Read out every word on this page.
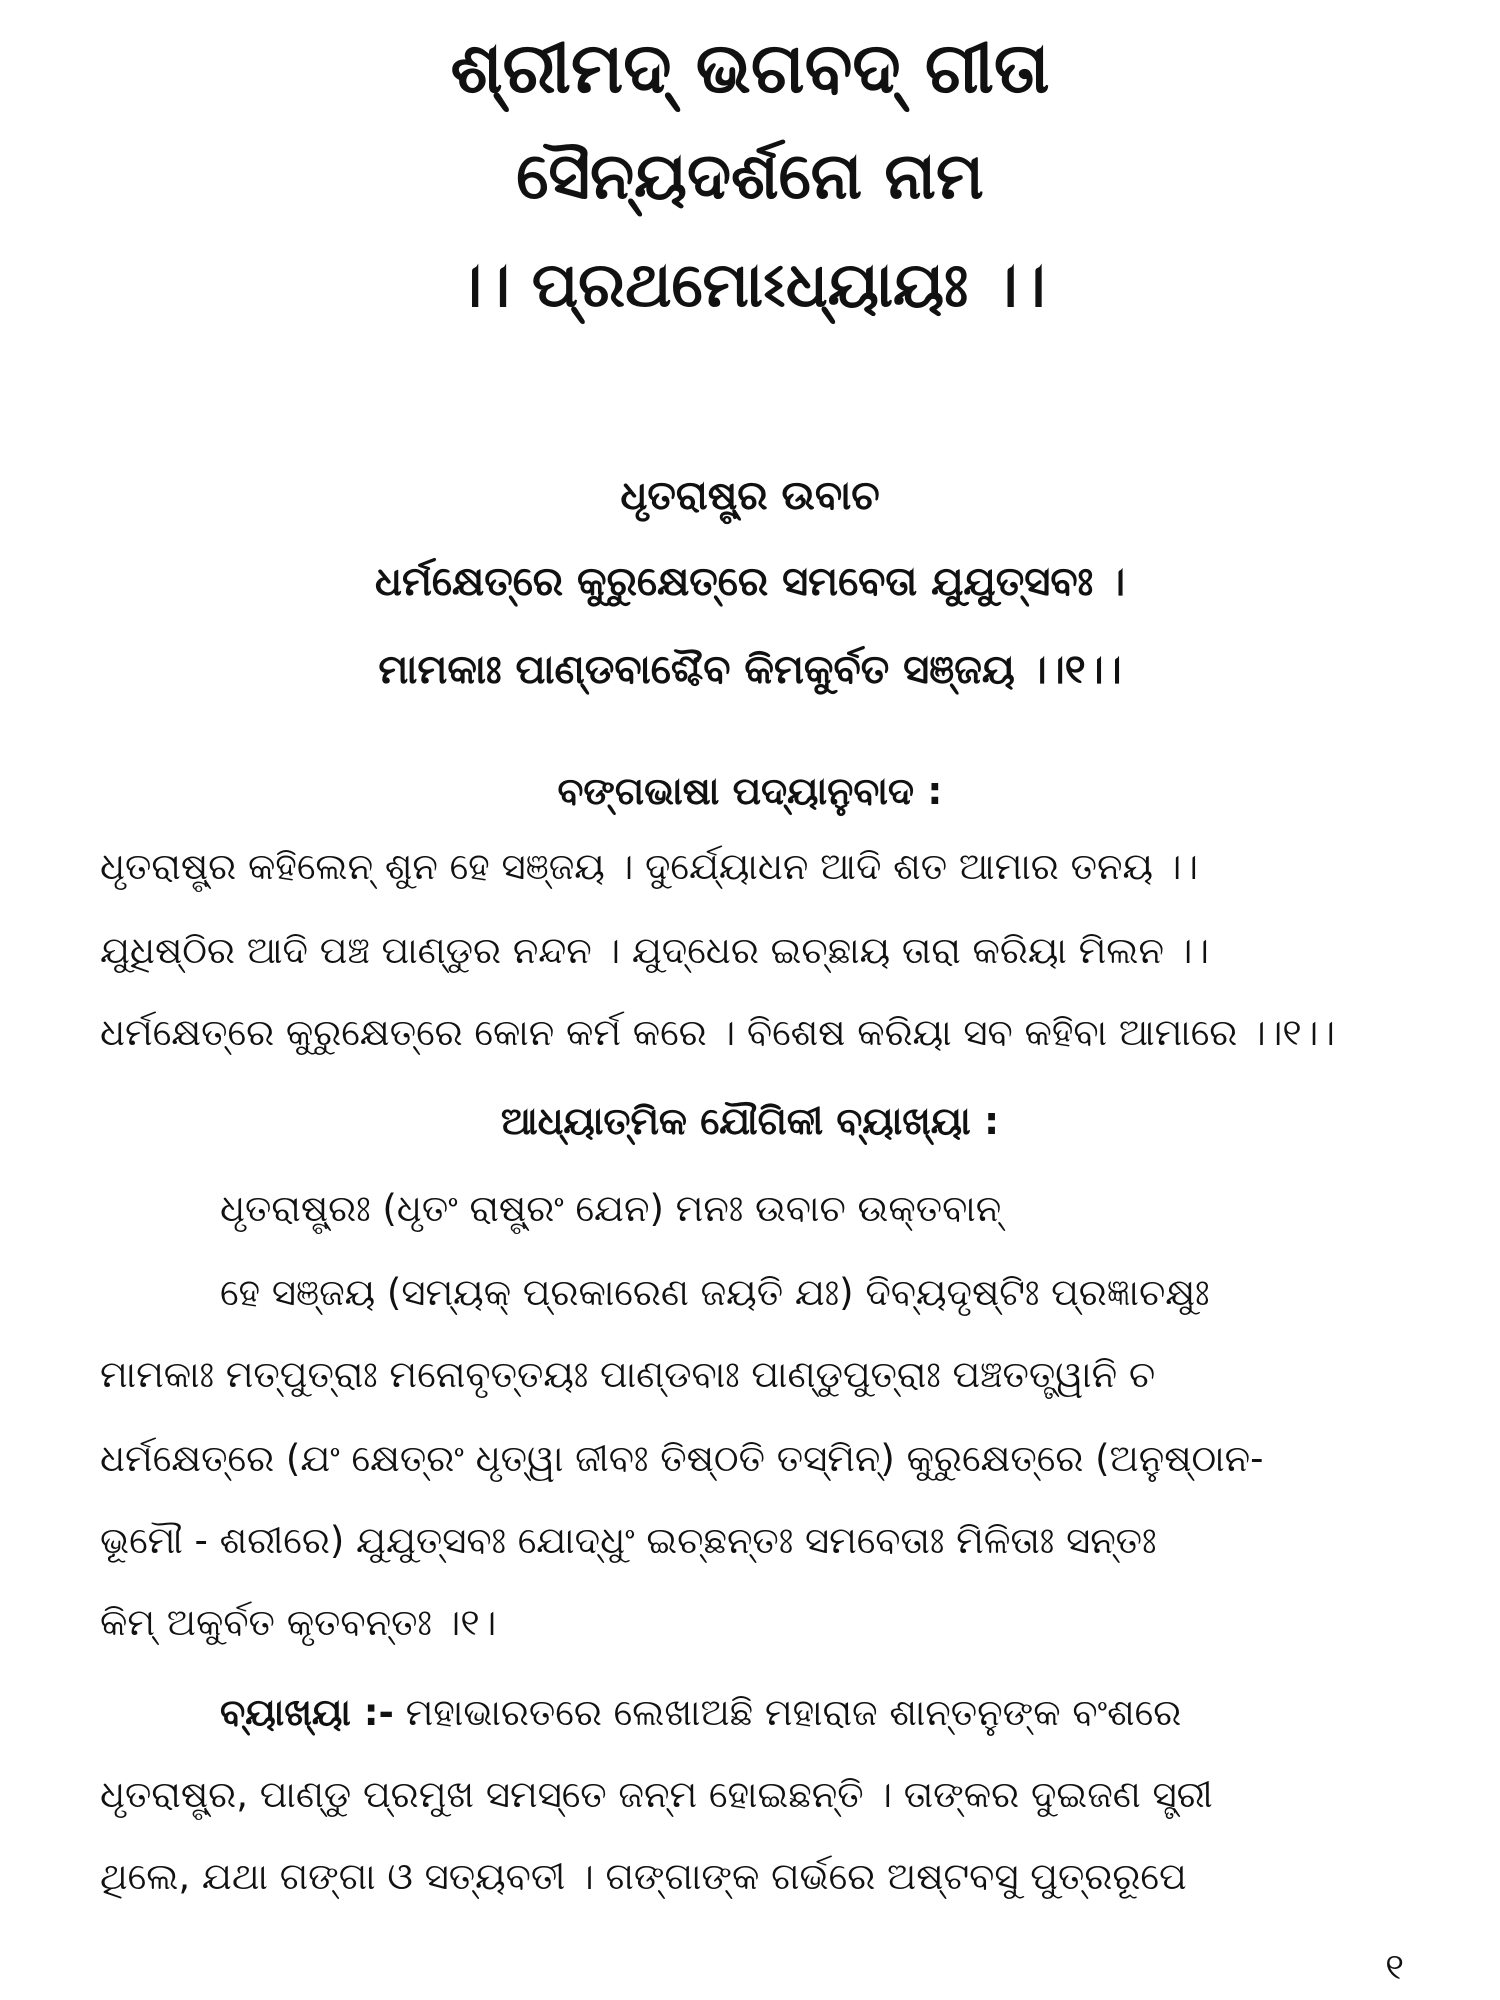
ଶ୍ରୀମଦ୍ ଭଗବଦ୍ ଗୀତା
ସୈନ୍ୟଦର୍ଶନୋ ନାମ
।। ପ୍ରଥମୋଽଧ୍ୟାୟଃ ।।
ଧୃତରାଷ୍ଟ୍ର ଉବାଚ
ଧର୍ମକ୍ଷେତ୍ରେ କୁରୁକ୍ଷେତ୍ରେ ସମବେତା ଯୁଯୁତ୍ସବଃ ।
ମାମକାଃ ପାଣ୍ଡବାଶ୍ଚୈବ କିମକୁର୍ବତ ସଞ୍ଜୟ ।।୧।।
ବଙ୍ଗଭାଷା ପଦ୍ୟାନୁବାଦ :
ଧୃତରାଷ୍ଟ୍ର କହିଲେନ୍ ଶୁନ ହେ ସଞ୍ଜୟ । ଦୁର୍ଯ୍ୟୋଧନ ଆଦି ଶତ ଆମାର ତନୟ ।।
ଯୁଧିଷ୍ଠିର ଆଦି ପଞ୍ଚ ପାଣ୍ଡୁର ନନ୍ଦନ । ଯୁଦ୍ଧେର ଇଚ୍ଛାୟ ତାରା କରିୟା ମିଲନ ।।
ଧର୍ମକ୍ଷେତ୍ରେ କୁରୁକ୍ଷେତ୍ରେ କୋନ କର୍ମ କରେ । ବିଶେଷ କରିୟା ସବ କହିବା ଆମାରେ ।।୧।।
ଆଧ୍ୟାତ୍ମିକ ଯୌଗିକୀ ବ୍ୟାଖ୍ୟା :
ଧୃତରାଷ୍ଟ୍ରଃ (ଧୃତଂ ରାଷ୍ଟ୍ରଂ ଯେନ) ମନଃ ଉବାଚ ଉକ୍ତବାନ୍
ହେ ସଞ୍ଜୟ (ସମ୍ୟକ୍ ପ୍ରକାରେଣ ଜୟତି ଯଃ) ଦିବ୍ୟଦୃଷ୍ଟିଃ ପ୍ରଜ୍ଞାଚକ୍ଷୁଃ
ମାମକାଃ ମତ୍‌ପୁତ୍ରାଃ ମନୋବୃତ୍ତୟଃ ପାଣ୍ଡବାଃ ପାଣ୍ଡୁପୁତ୍ରାଃ ପଞ୍ଚତତ୍ତ୍ୱାନି ଚ
ଧର୍ମକ୍ଷେତ୍ରେ (ଯଂ କ୍ଷେତ୍ରଂ ଧୃତ୍ୱା ଜୀବଃ ତିଷ୍ଠତି ତସ୍ମିନ୍) କୁରୁକ୍ଷେତ୍ରେ (ଅନୁଷ୍ଠାନ-
ଭୂମୌ - ଶରୀରେ) ଯୁଯୁତ୍ସବଃ ଯୋଦ୍ଧୁଂ ଇଚ୍ଛନ୍ତଃ ସମବେତାଃ ମିଳିତାଃ ସନ୍ତଃ
କିମ୍ ଅକୁର୍ବତ କୃତବନ୍ତଃ ।୧।
ବ୍ୟାଖ୍ୟା :- ମହାଭାରତରେ ଲେଖାଅଛି ମହାରାଜ ଶାନ୍ତନୁଙ୍କ ବଂଶରେ
ଧୃତରାଷ୍ଟ୍ର, ପାଣ୍ଡୁ ପ୍ରମୁଖ ସମସ୍ତେ ଜନ୍ମ ହୋଇଛନ୍ତି । ତାଙ୍କର ଦୁଇଜଣ ସ୍ତ୍ରୀ
ଥିଲେ, ଯଥା ଗଙ୍ଗା ଓ ସତ୍ୟବତୀ । ଗଙ୍ଗାଙ୍କ ଗର୍ଭରେ ଅଷ୍ଟବସୁ ପୁତ୍ରରୂପେ
୧
